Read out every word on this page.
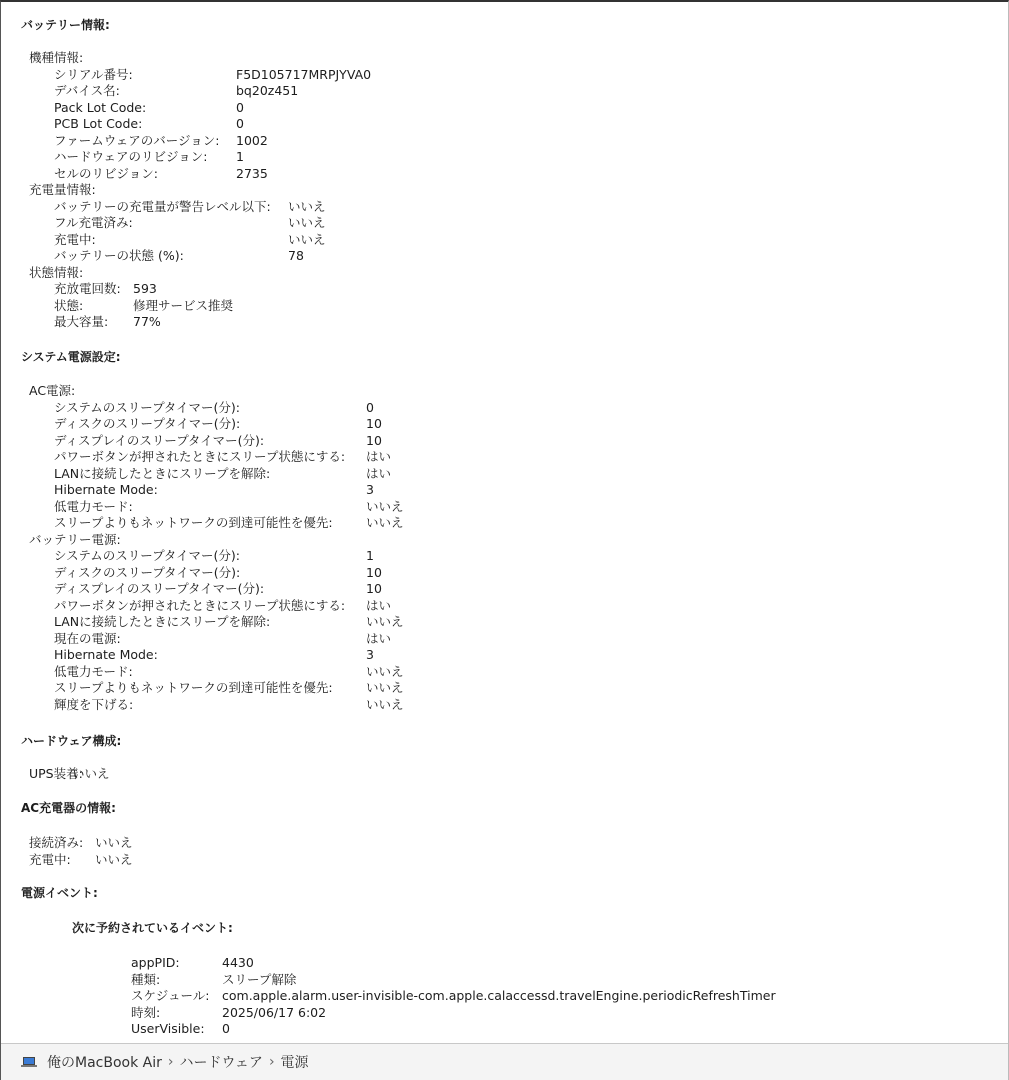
バッテリー情報:
システム電源設定:
ハードウェア構成:
AC充電器の情報:
電源イベント:
次に予約されているイベント:
機種情報:
シリアル番号:	F5D105717MRPJYVA0
デバイス名:	bq20z451
Pack Lot Code:	0
PCB Lot Code:	0
ファームウェアのバージョン: 1002
ハードウェアのリビジョン: 1
セルのリビジョン:	2735
充電量情報:
バッテリーの充電量が警告レベル以下: いいえ
フル充電済み:	いいえ
充電中:	いいえ
バッテリーの状態 (%):	78
状態情報:
充放電回数: 593
状態:	修理サービス推奨
最大容量: 77%
AC電源:
システムのスリープタイマー(分):	0
ディスクのスリープタイマー(分):	10
ディスプレイのスリープタイマー(分):	10
パワーボタンが押されたときにスリープ状態にする: はい
LANに接続したときにスリープを解除:	はい
Hibernate Mode:	3
低電力モード:	いいえ
スリープよりもネットワークの到達可能性を優先:	いいえ
バッテリー電源:
システムのスリープタイマー(分):	1
ディスクのスリープタイマー(分):	10
ディスプレイのスリープタイマー(分):	10
パワーボタンが押されたときにスリープ状態にする: はい
LANに接続したときにスリープを解除:	いいえ
現在の電源:	はい
Hibernate Mode:	3
低電力モード:	いいえ
スリープよりもネットワークの到達可能性を優先:	いいえ
輝度を下げる:	いいえ
UPS装着:
いいえ
接続済み: いいえ
充電中: いいえ
appPID:	4430
種類:	スリープ解除
スケジュール: com.apple.alarm.user-invisible-com.apple.calaccessd.travelEngine.periodicRefreshTimer
時刻:	2025/06/17 6:02
UserVisible: 0
俺のMacBook Air › ハードウェア › 電源
